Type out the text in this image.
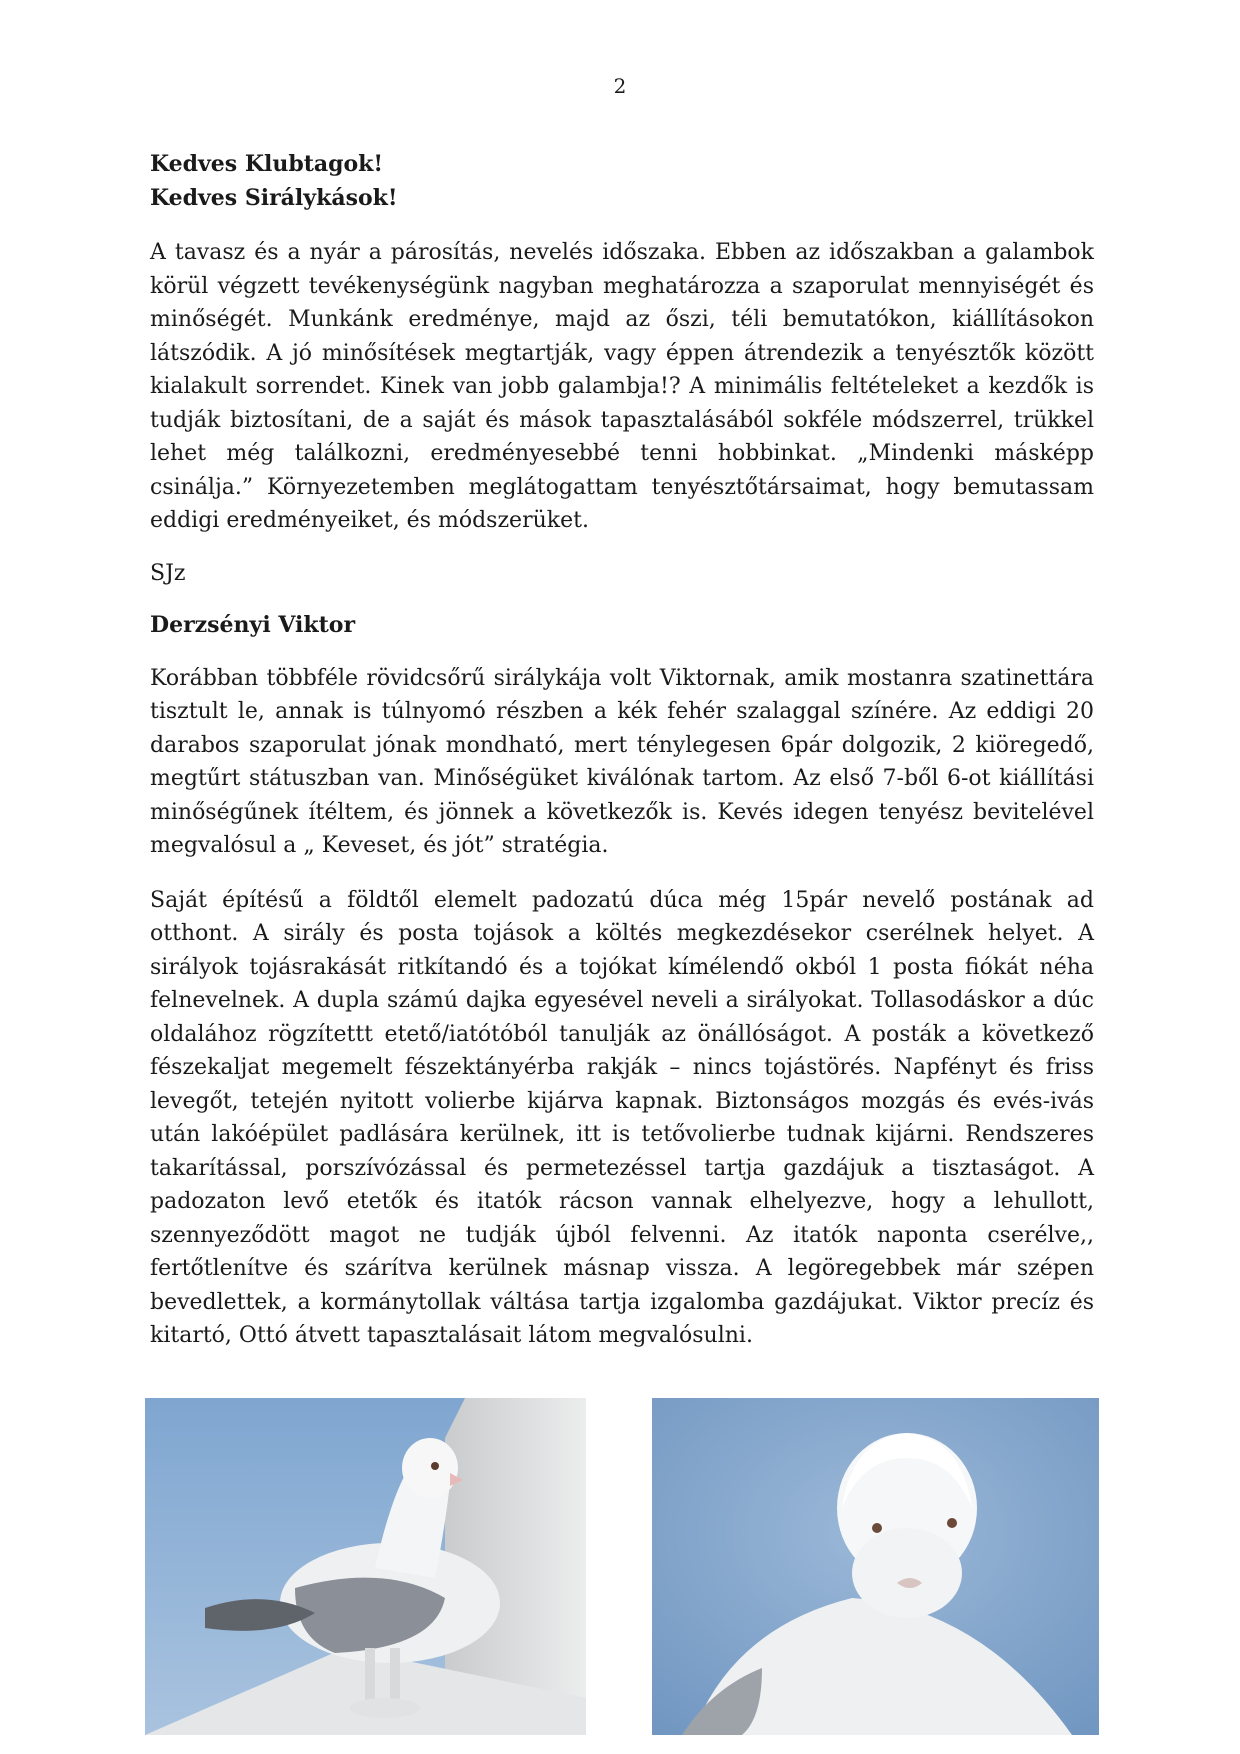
2
Kedves Klubtagok!
Kedves Sirálykások!

A tavasz és a nyár a párosítás, nevelés időszaka. Ebben az időszakban a galambok körül végzett tevékenységünk nagyban meghatározza a szaporulat mennyiségét és minőségét. Munkánk eredménye, majd az őszi, téli bemutatókon, kiállításokon látszódik. A jó minősítések megtartják, vagy éppen átrendezik a tenyésztők között kialakult sorrendet. Kinek van jobb galambja!? A minimális feltételeket a kezdők is tudják biztosítani, de a saját és mások tapasztalásából sokféle módszerrel, trükkel lehet még találkozni, eredményesebbé tenni hobbinkat. „Mindenki másképp csinálja.” Környezetemben meglátogattam tenyésztőtársaimat, hogy bemutassam eddigi eredményeiket, és módszerüket.

SJz

Derzsényi Viktor

Korábban többféle rövidcsőrű sirálykája volt Viktornak, amik mostanra szatinettára tisztult le, annak is túlnyomó részben a kék fehér szalaggal színére. Az eddigi 20 darabos szaporulat jónak mondható, mert ténylegesen 6pár dolgozik, 2 kiöregedő, megtűrt státuszban van. Minőségüket kiválónak tartom. Az első 7-ből 6-ot kiállítási minőségűnek ítéltem, és jönnek a következők is. Kevés idegen tenyész bevitelével megvalósul a „ Keveset, és jót” stratégia.

Saját építésű a földtől elemelt padozatú dúca még 15pár nevelő postának ad otthont. A sirály és posta tojások a költés megkezdésekor cserélnek helyet. A sirályok tojásrakását ritkítandó és a tojókat kímélendő okból 1 posta fiókát néha felnevelnek. A dupla számú dajka egyesével neveli a sirályokat. Tollasodáskor a dúc oldalához rögzítettt etető/iatótóból tanulják az önállóságot. A posták a következő fészekaljat megemelt fészektányérba rakják – nincs tojástörés. Napfényt és friss levegőt, tetején nyitott volierbe kijárva kapnak. Biztonságos mozgás és evés-ivás után lakóépület padlására kerülnek, itt is tetővolierbe tudnak kijárni. Rendszeres takarítással, porszívózással és permetezéssel tartja gazdájuk a tisztaságot. A padozaton levő etetők és itatók rácson vannak elhelyezve, hogy a lehullott, szennyeződött magot ne tudják újból felvenni. Az itatók naponta cserélve,, fertőtlenítve és szárítva kerülnek másnap vissza. A legöregebbek már szépen bevedlettek, a kormánytollak váltása tartja izgalomba gazdájukat. Viktor precíz és kitartó, Ottó átvett tapasztalásait látom megvalósulni.
